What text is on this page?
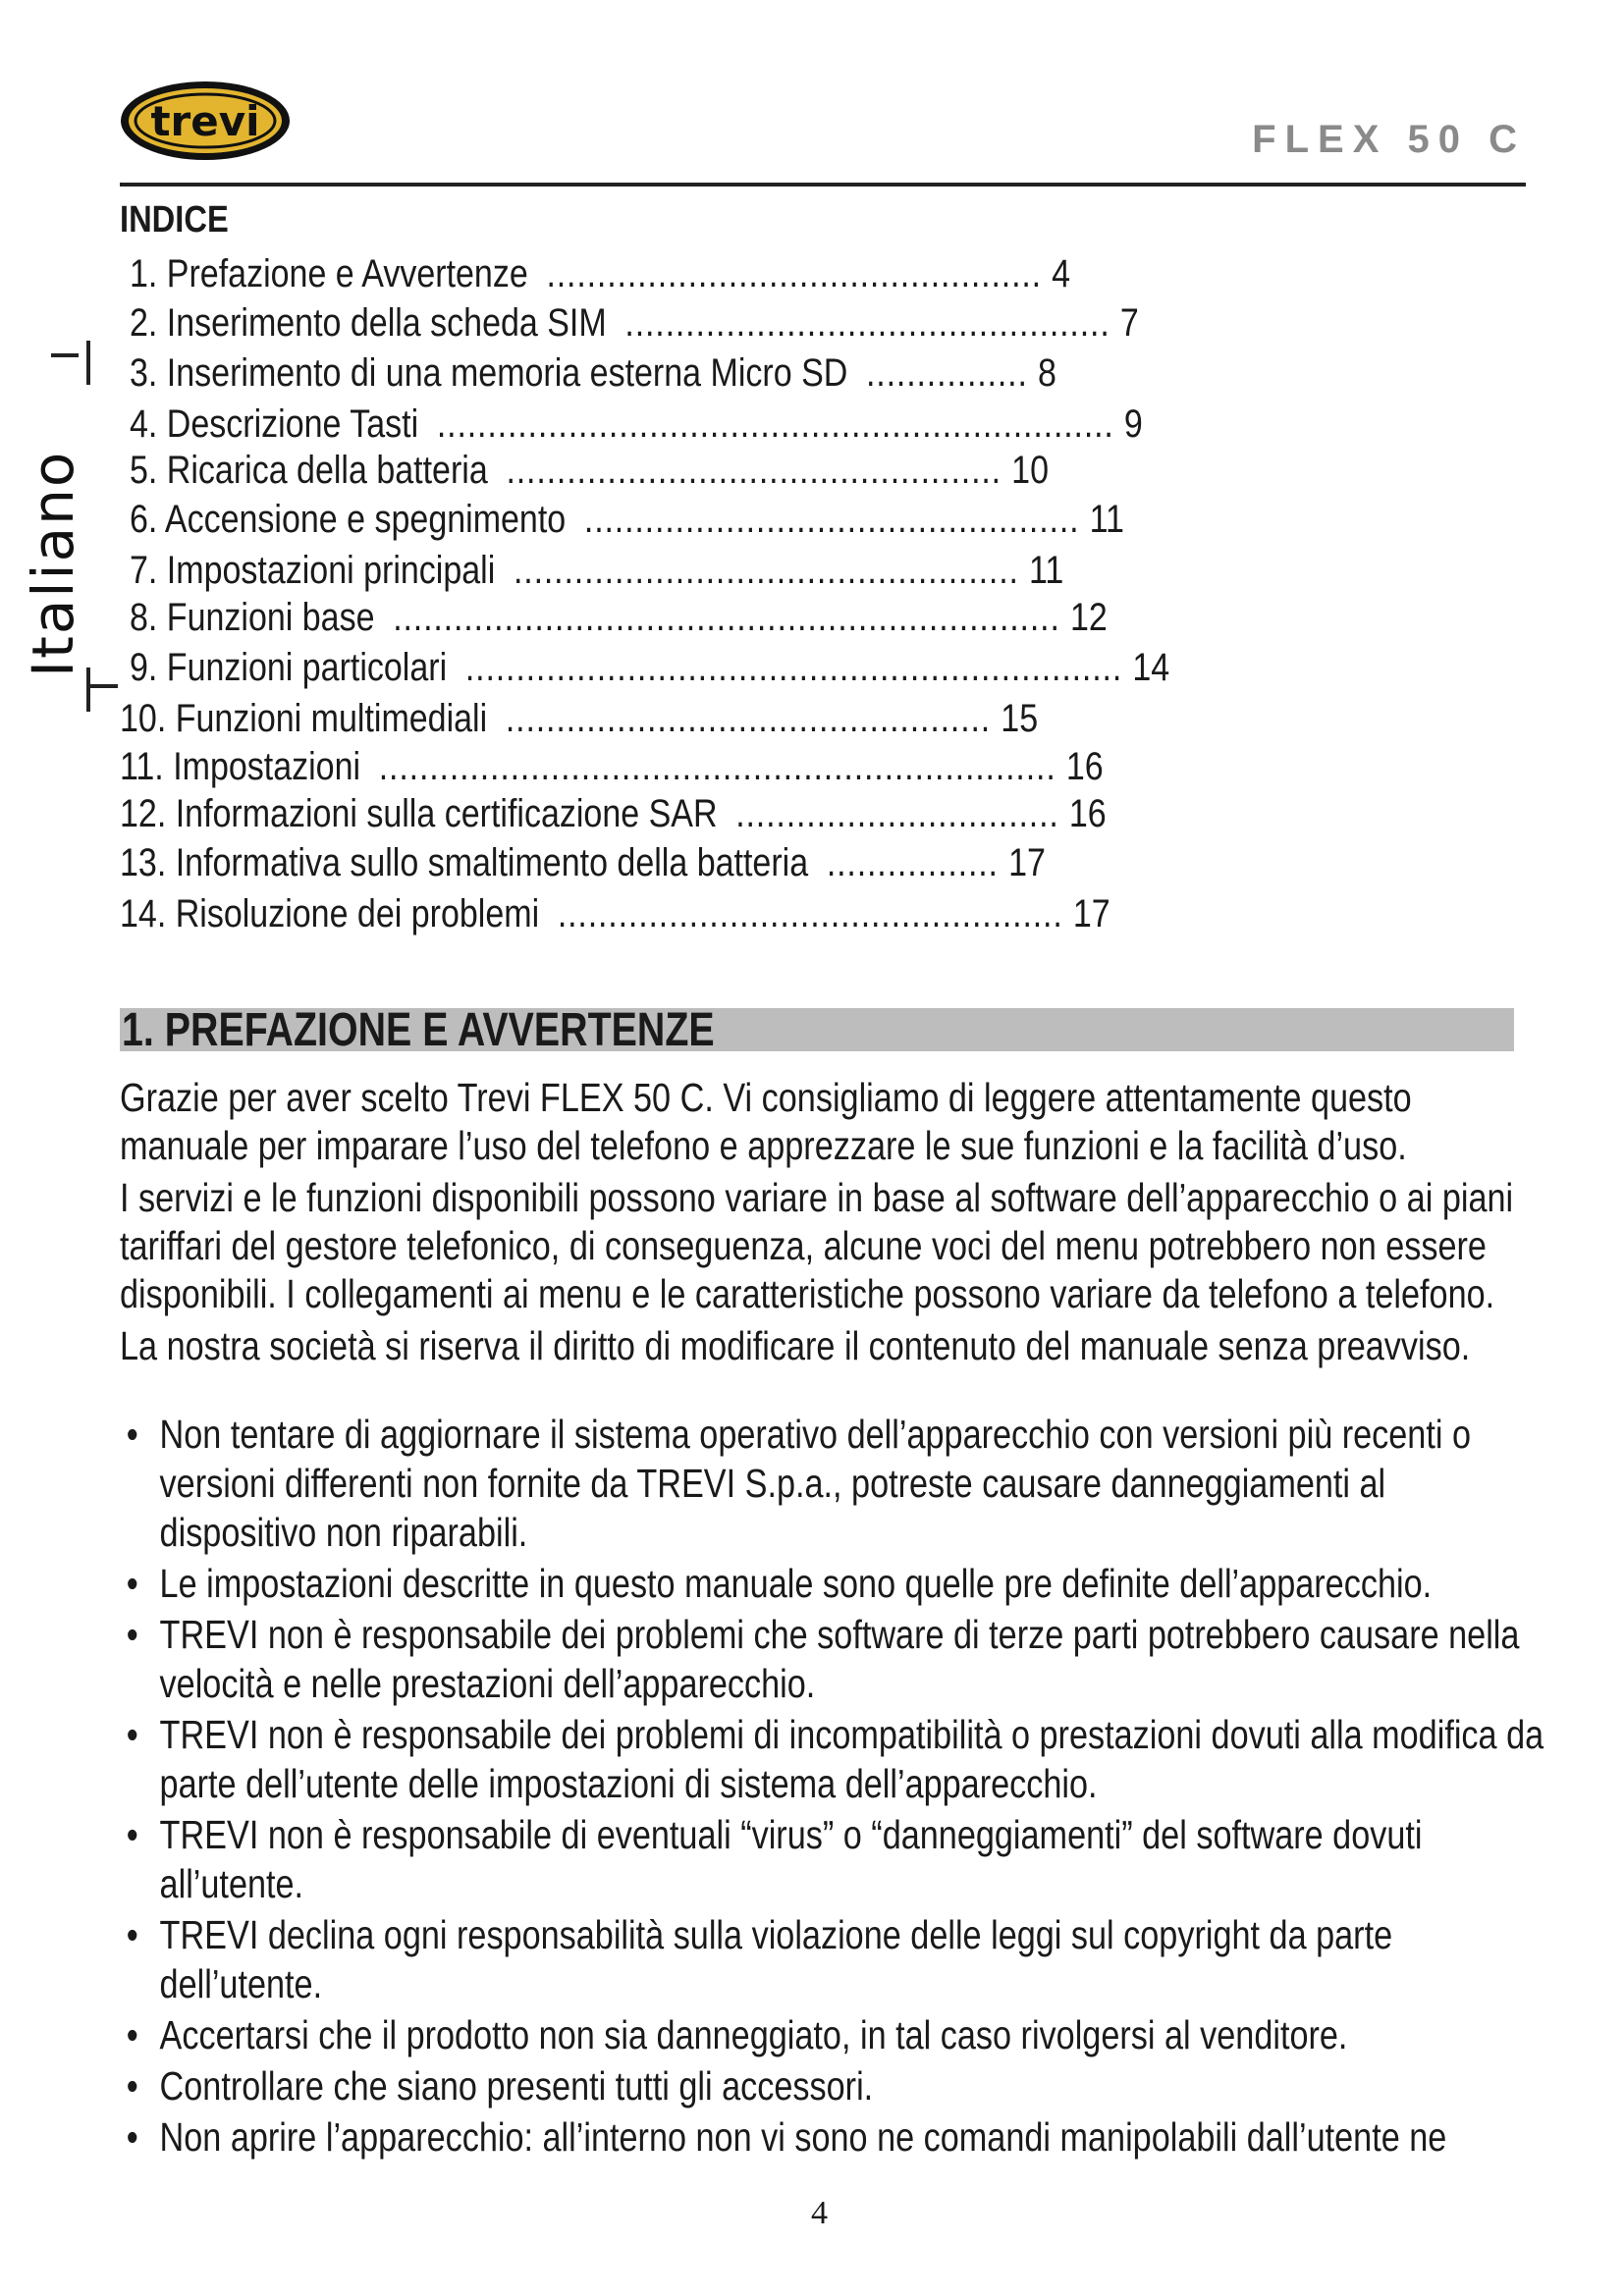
trevi	FLEX 50 C
Italiano
INDICE
1. Prefazione e Avvertenze ................................................. 4
2. Inserimento della scheda SIM ................................................ 7
3. Inserimento di una memoria esterna Micro SD ................ 8
4. Descrizione Tasti ................................................................... 9
5. Ricarica della batteria ................................................. 10
6. Accensione e spegnimento ................................................. 11
7. Impostazioni principali .................................................. 11
8. Funzioni base .................................................................. 12
9. Funzioni particolari ................................................................. 14
10. Funzioni multimediali ................................................ 15
11. Impostazioni ................................................................... 16
12. Informazioni sulla certificazione SAR ................................ 16
13. Informativa sullo smaltimento della batteria ................. 17
14. Risoluzione dei problemi .................................................. 17
1. PREFAZIONE E AVVERTENZE

Grazie per aver scelto Trevi FLEX 50 C. Vi consigliamo di leggere attentamente questo manuale per imparare l’uso del telefono e apprezzare le sue funzioni e la facilità d’uso.

I servizi e le funzioni disponibili possono variare in base al software dell’apparecchio o ai piani tariffari del gestore telefonico, di conseguenza, alcune voci del menu potrebbero non essere disponibili. I collegamenti ai menu e le caratteristiche possono variare da telefono a telefono.

La nostra società si riserva il diritto di modificare il contenuto del manuale senza preavviso.

• Non tentare di aggiornare il sistema operativo dell’apparecchio con versioni più recenti o versioni differenti non fornite da TREVI S.p.a., potreste causare danneggiamenti al dispositivo non riparabili.
• Le impostazioni descritte in questo manuale sono quelle pre definite dell’apparecchio.
• TREVI non è responsabile dei problemi che software di terze parti potrebbero causare nella velocità e nelle prestazioni dell’apparecchio.
• TREVI non è responsabile dei problemi di incompatibilità o prestazioni dovuti alla modifica da parte dell’utente delle impostazioni di sistema dell’apparecchio.
• TREVI non è responsabile di eventuali “virus” o “danneggiamenti” del software dovuti all’utente.
• TREVI declina ogni responsabilità sulla violazione delle leggi sul copyright da parte dell’utente.
• Accertarsi che il prodotto non sia danneggiato, in tal caso rivolgersi al venditore.
• Controllare che siano presenti tutti gli accessori.
• Non aprire l’apparecchio: all’interno non vi sono ne comandi manipolabili dall’utente ne
4
